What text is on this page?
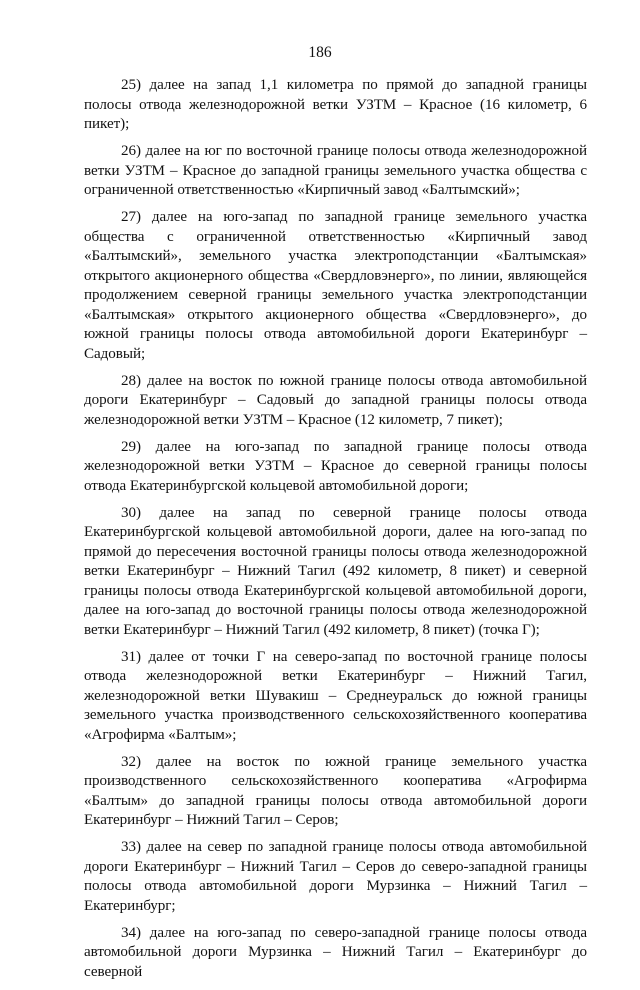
186

25) далее на запад 1,1 километра по прямой до западной границы полосы отвода железнодорожной ветки УЗТМ – Красное (16 километр, 6 пикет);

26) далее на юг по восточной границе полосы отвода железнодорожной ветки УЗТМ – Красное до западной границы земельного участка общества с ограниченной ответственностью «Кирпичный завод «Балтымский»;

27) далее на юго-запад по западной границе земельного участка общества с ограниченной ответственностью «Кирпичный завод «Балтымский», земельного участка электроподстанции «Балтымская» открытого акционерного общества «Свердловэнерго», по линии, являющейся продолжением северной границы земельного участка электроподстанции «Балтымская» открытого акционерного общества «Свердловэнерго», до южной границы полосы отвода автомобильной дороги Екатеринбург – Садовый;

28) далее на восток по южной границе полосы отвода автомобильной дороги Екатеринбург – Садовый до западной границы полосы отвода железнодорожной ветки УЗТМ – Красное (12 километр, 7 пикет);

29) далее на юго-запад по западной границе полосы отвода железнодорожной ветки УЗТМ – Красное до северной границы полосы отвода Екатеринбургской кольцевой автомобильной дороги;

30) далее на запад по северной границе полосы отвода Екатеринбургской кольцевой автомобильной дороги, далее на юго-запад по прямой до пересечения восточной границы полосы отвода железнодорожной ветки Екатеринбург – Нижний Тагил (492 километр, 8 пикет) и северной границы полосы отвода Екатеринбургской кольцевой автомобильной дороги, далее на юго-запад до восточной границы полосы отвода железнодорожной ветки Екатеринбург – Нижний Тагил (492 километр, 8 пикет) (точка Г);

31) далее от точки Г на северо-запад по восточной границе полосы отвода железнодорожной ветки Екатеринбург – Нижний Тагил, железнодорожной ветки Шувакиш – Среднеуральск до южной границы земельного участка производственного сельскохозяйственного кооператива «Агрофирма «Балтым»;

32) далее на восток по южной границе земельного участка производственного сельскохозяйственного кооператива «Агрофирма «Балтым» до западной границы полосы отвода автомобильной дороги Екатеринбург – Нижний Тагил – Серов;

33) далее на север по западной границе полосы отвода автомобильной дороги Екатеринбург – Нижний Тагил – Серов до северо-западной границы полосы отвода автомобильной дороги Мурзинка – Нижний Тагил – Екатеринбург;

34) далее на юго-запад по северо-западной границе полосы отвода автомобильной дороги Мурзинка – Нижний Тагил – Екатеринбург до северной
